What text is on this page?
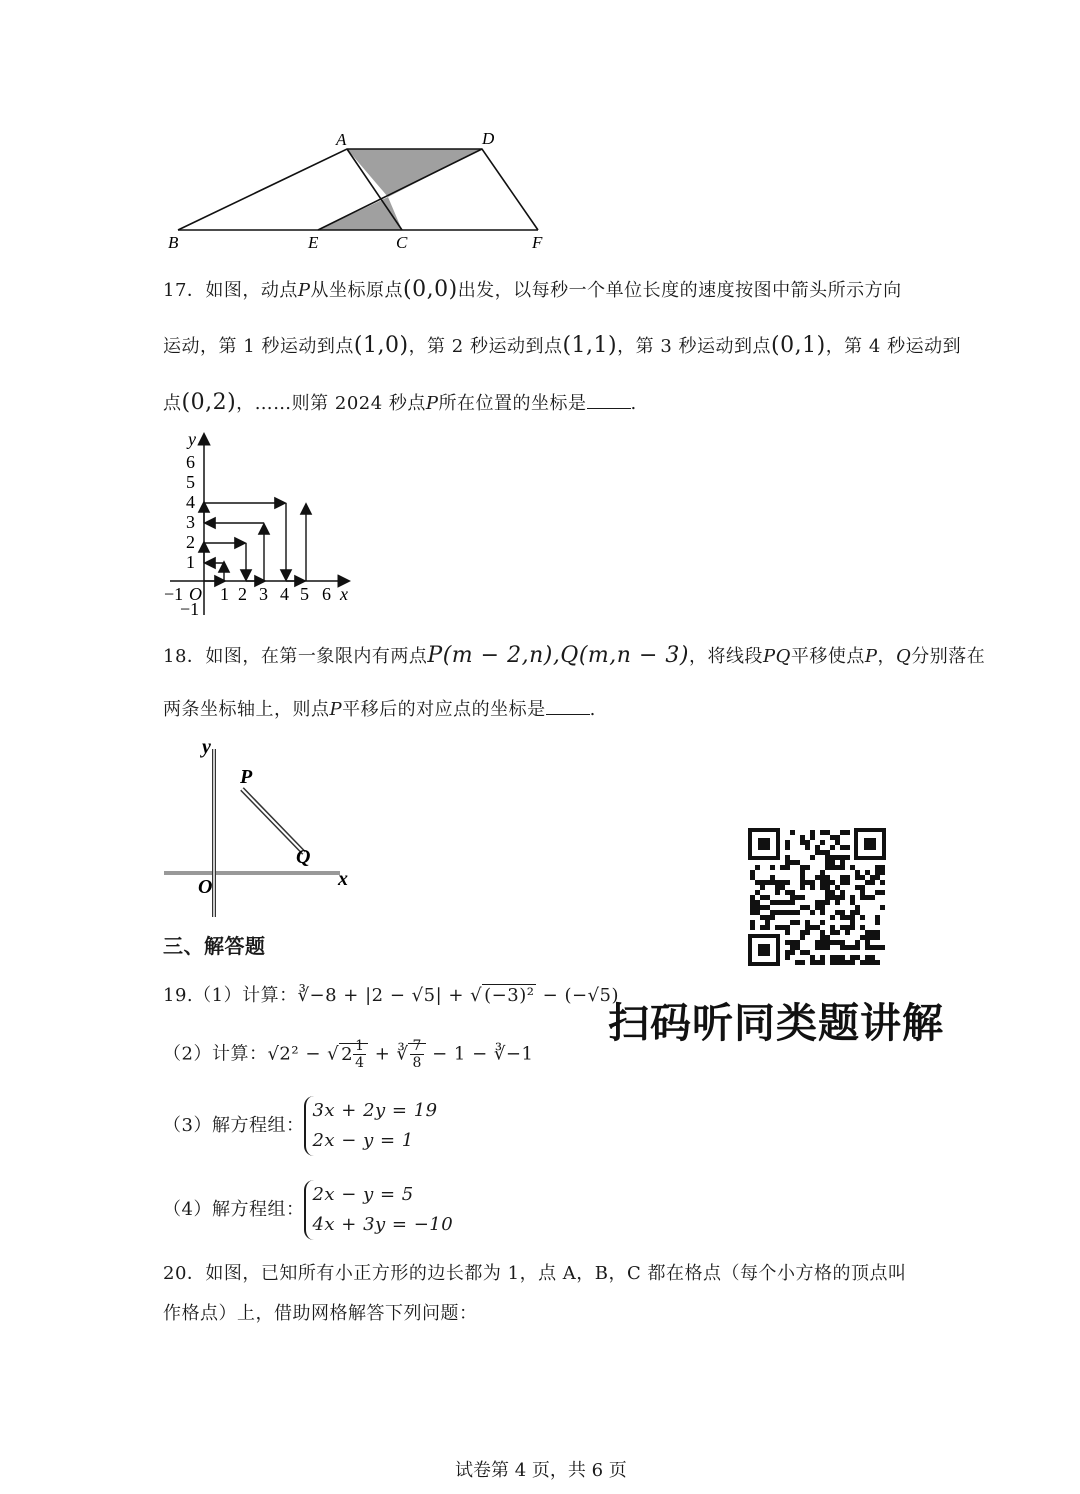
A	D
B	E	C	F
17．如图，动点P从坐标原点(0,0)出发，以每秒一个单位长度的速度按图中箭头所示方向
运动，第 1 秒运动到点(1,0)，第 2 秒运动到点(1,1)，第 3 秒运动到点(0,1)，第 4 秒运动到
点(0,2)，……则第 2024 秒点P所在位置的坐标是 .
y
6
5
4
3
2
1
−1
−1 O 1 2 3 4 5 6 x
18．如图，在第一象限内有两点P(m − 2,n),Q(m,n − 3)，将线段PQ平移使点P，Q分别落在
两条坐标轴上，则点P平移后的对应点的坐标是 .
y
P
Q
O	x
三、解答题
19.（1）计算：∛−8 + |2 − √5| + √ (−3)² − (−√5)
（2）计算：√2² − √ $2 \frac{1}{4}$ + ∛ $\frac{7}{8} - 1$ − ∛−1
（3）解方程组：
3x + 2y = 19
2x − y = 1
（4）解方程组：
2x − y = 5
4x + 3y = −10
20．如图，已知所有小正方形的边长都为 1，点 A，B，C 都在格点（每个小方格的顶点叫
作格点）上，借助网格解答下列问题：
扫码听同类题讲解
试卷第 4 页，共 6 页
